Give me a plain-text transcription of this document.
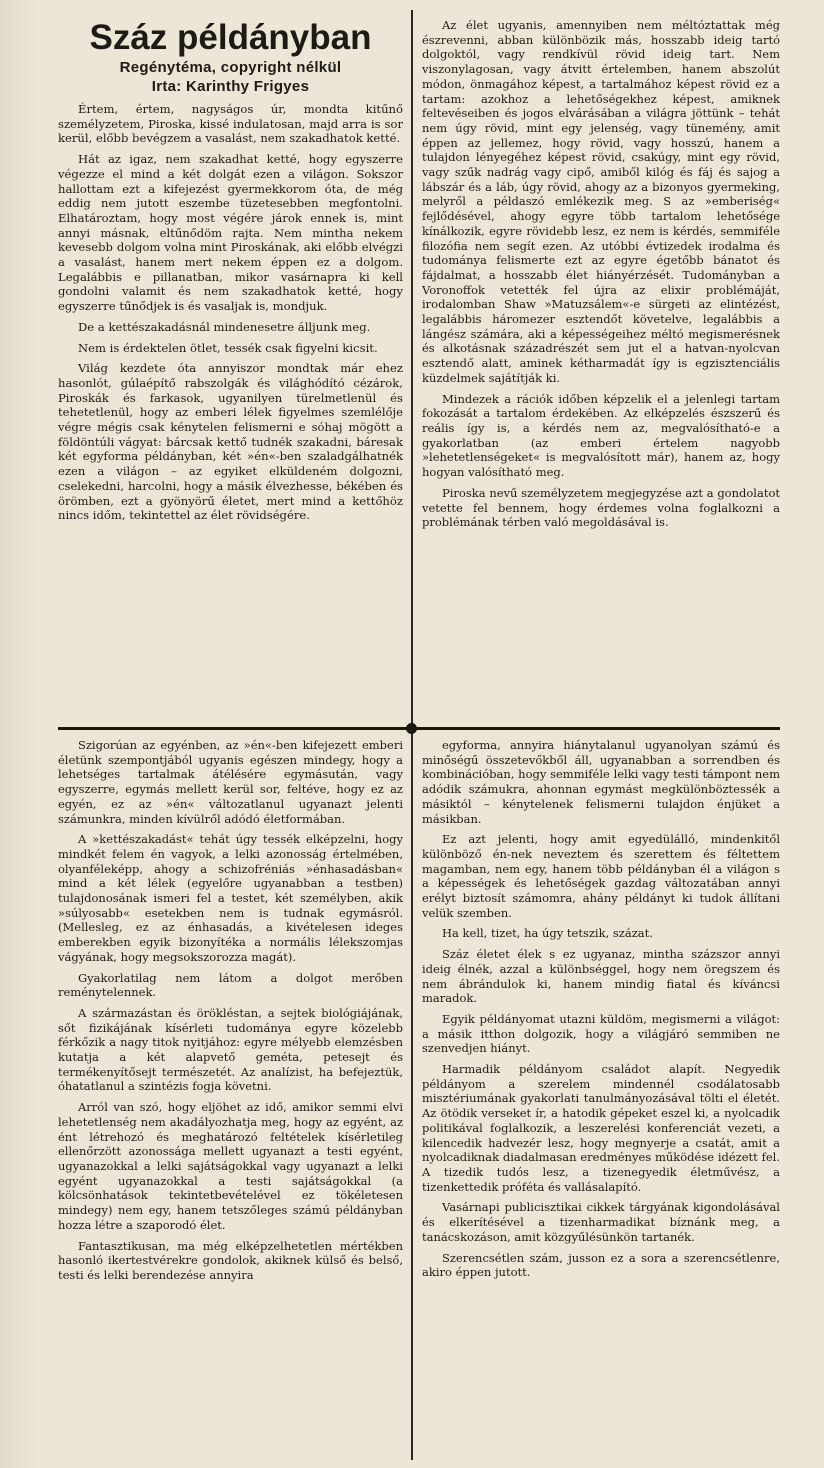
Száz példányban
Regénytéma, copyright nélkül
Irta: Karinthy Frigyes

Értem, értem, nagyságos úr, mondta kitűnő személyzetem, Piroska, kissé indulatosan, majd arra is sor kerül, előbb bevégzem a vasalást, nem szakadhatok ketté.

Hát az igaz, nem szakadhat ketté, hogy egyszerre végezze el mind a két dolgát ezen a világon. Sokszor hallottam ezt a kifejezést gyermekkorom óta, de még eddig nem jutott eszembe tüzetesebben megfontolni. Elhatároztam, hogy most végére járok ennek is, mint annyi másnak, eltűnődöm rajta. Nem mintha nekem kevesebb dolgom volna mint Piroskának, aki előbb elvégzi a vasalást, hanem mert nekem éppen ez a dolgom. Legalábbis e pillanatban, mikor vasárnapra ki kell gondolni valamit és nem szakadhatok ketté, hogy egyszerre tűnődjek is és vasaljak is, mondjuk.

De a kettészakadásnál mindenesetre álljunk meg.

Nem is érdektelen ötlet, tessék csak figyelni kicsit.

Világ kezdete óta annyiszor mondtak már ehez hasonlót, gúlaépítő rabszolgák és világhódító cézárok, Piroskák és farkasok, ugyanilyen türelmetlenül és tehetetlenül, hogy az emberi lélek figyelmes szemlélője végre mégis csak kénytelen felismerni e sóhaj mögött a földöntúli vágyat: bárcsak kettő tudnék szakadni, báresak két egyforma példányban, két »én«-ben szaladgálhatnék ezen a világon – az egyiket elküldeném dolgozni, cselekedni, harcolni, hogy a másik élvezhesse, békében és örömben, ezt a gyönyörű életet, mert mind a kettőhöz nincs időm, tekintettel az élet rövidségére.

Az élet ugyanis, amennyiben nem méltóztattak még észrevenni, abban különbözik más, hosszabb ideig tartó dolgoktól, vagy rendkívül rövid ideig tart. Nem viszonylagosan, vagy átvitt értelemben, hanem abszolút módon, önmagához képest, a tartalmához képest rövid ez a tartam: azokhoz a lehetőségekhez képest, amiknek feltevéseiben és jogos elvárásában a világra jöttünk – tehát nem úgy rövid, mint egy jelenség, vagy tünemény, amit éppen az jellemez, hogy rövid, vagy hosszú, hanem a tulajdon lényegéhez képest rövid, csakúgy, mint egy rövid, vagy szűk nadrág vagy cipő, amiből kilóg és fáj és sajog a lábszár és a láb, úgy rövid, ahogy az a bizonyos gyermeking, melyről a példaszó emlékezik meg. S az »emberiség« fejlődésével, ahogy egyre több tartalom lehetősége kínálkozik, egyre rövidebb lesz, ez nem is kérdés, semmiféle filozófia nem segít ezen. Az utóbbi évtizedek irodalma és tudománya felismerte ezt az egyre égetőbb bánatot és fájdalmat, a hosszabb élet hiányérzését. Tudományban a Voronoffok vetették fel újra az elixir problémáját, irodalomban Shaw »Matuzsálem«-e sürgeti az elintézést, legalábbis háromezer esztendőt követelve, legalábbis a lángész számára, aki a képességeihez méltó megismerésnek és alkotásnak századrészét sem jut el a hatvan-nyolcvan esztendő alatt, aminek kétharmadát így is egzisztenciális küzdelmek sajátítják ki.

Mindezek a rációk időben képzelik el a jelenlegi tartam fokozását a tartalom érdekében. Az elképzelés észszerű és reális így is, a kérdés nem az, megvalósítható-e a gyakorlatban (az emberi értelem nagyobb »lehetetlenségeket« is megvalósított már), hanem az, hogy hogyan valósítható meg.

Piroska nevű személyzetem megjegyzése azt a gondolatot vetette fel bennem, hogy érdemes volna foglalkozni a problémának térben való megoldásával is.

Szigorúan az egyénben, az »én«-ben kifejezett emberi életünk szempontjából ugyanis egészen mindegy, hogy a lehetséges tartalmak átélésére egymásután, vagy egyszerre, egymás mellett kerül sor, feltéve, hogy ez az egyén, ez az »én« változatlanul ugyanazt jelenti számunkra, minden kívülről adódó életformában.

A »kettészakadást« tehát úgy tessék elképzelni, hogy mindkét felem én vagyok, a lelki azonosság értelmében, olyanféleképp, ahogy a schizofréniás »énhasadásban« mind a két lélek (egyelőre ugyanabban a testben) tulajdonosának ismeri fel a testet, két személyben, akik »súlyosabb« esetekben nem is tudnak egymásról. (Mellesleg, ez az énhasadás, a kivételesen ideges emberekben egyik bizonyítéka a normális lélekszomjas vágyának, hogy megsokszorozza magát).

Gyakorlatilag nem látom a dolgot merőben reménytelennek.

A származástan és örökléstan, a sejtek biológiájának, sőt fizikájának kísérleti tudománya egyre közelebb férkőzik a nagy titok nyitjához: egyre mélyebb elemzésben kutatja a két alapvető geméta, petesejt és termékenyítősejt természetét. Az analízist, ha befejeztük, óhatatlanul a szintézis fogja követni.

Arról van szó, hogy eljöhet az idő, amikor semmi elvi lehetetlenség nem akadályozhatja meg, hogy az egyént, az ént létrehozó és meghatározó feltételek kísérletileg ellenőrzött azonossága mellett ugyanazt a testi egyént, ugyanazokkal a lelki sajátságokkal vagy ugyanazt a lelki egyént ugyanazokkal a testi sajátságokkal (a kölcsönhatások tekintetbevételével ez tökéletesen mindegy) nem egy, hanem tetszőleges számú példányban hozza létre a szaporodó élet.

Fantasztikusan, ma még elképzelhetetlen mértékben hasonló ikertestvérekre gondolok, akiknek külső és belső, testi és lelki berendezése annyira

egyforma, annyira hiánytalanul ugyanolyan számú és minőségű összetevőkből áll, ugyanabban a sorrendben és kombinációban, hogy semmiféle lelki vagy testi támpont nem adódik számukra, ahonnan egymást megkülönböztessék a másiktól – kénytelenek felismerni tulajdon énjüket a másikban.

Ez azt jelenti, hogy amit egyedülálló, mindenkitől különböző én-nek neveztem és szerettem és féltettem magamban, nem egy, hanem több példányban él a világon s a képességek és lehetőségek gazdag változatában annyi erélyt biztosít számomra, ahány példányt ki tudok állítani velük szemben.

Ha kell, tizet, ha úgy tetszik, százat.

Száz életet élek s ez ugyanaz, mintha százszor annyi ideig élnék, azzal a különbséggel, hogy nem öregszem és nem ábrándulok ki, hanem mindig fiatal és kíváncsi maradok.

Egyik példányomat utazni küldöm, megismerni a világot: a másik itthon dolgozik, hogy a világjáró semmiben ne szenvedjen hiányt.

Harmadik példányom családot alapít. Negyedik példányom a szerelem mindennél csodálatosabb misztériumának gyakorlati tanulmányozásával tölti el életét. Az ötödik verseket ír, a hatodik gépeket eszel ki, a nyolcadik politikával foglalkozik, a leszerelési konferenciát vezeti, a kilencedik hadvezér lesz, hogy megnyerje a csatát, amit a nyolcadiknak diadalmasan eredményes működése idézett fel. A tizedik tudós lesz, a tizenegyedik életművész, a tizenkettedik próféta és vallásalapító.

Vasárnapi publicisztikai cikkek tárgyának kigondolásával és elkerítésével a tizenharmadikat bíznánk meg, a tanácskozáson, amit közgyűlésünkön tartanék.

Szerencsétlen szám, jusson ez a sora a szerencsétlenre, akiro éppen jutott.
